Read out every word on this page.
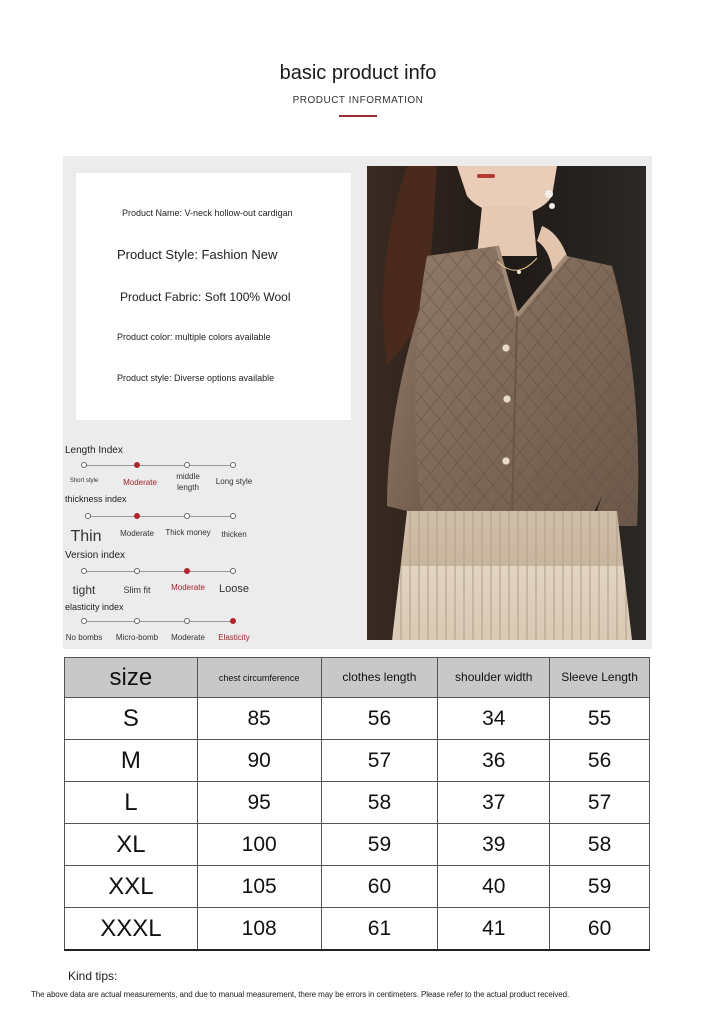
basic product info
PRODUCT INFORMATION
Product Name: V-neck hollow-out cardigan
Product Style: Fashion New
Product Fabric: Soft 100% Wool
Product color: multiple colors available
Product style: Diverse options available
Length Index
Short style	Moderate
middle length
Long style
thickness index
Thin Moderate Thick money thicken
Version index
tight	Slim fit	Moderate Loose
elasticity index
No bombs Micro-bomb Moderate Elasticity
size	chest circumference	clothes length	shoulder width	Sleeve Length
S	85	56	34	55
M	90	57	36	56
L	95	58	37	57
XL	100	59	39	58
XXL	105	60	40	59
XXXL	108	61	41	60
Kind tips:
The above data are actual measurements, and due to manual measurement, there may be errors in centimeters. Please refer to the actual product received.
